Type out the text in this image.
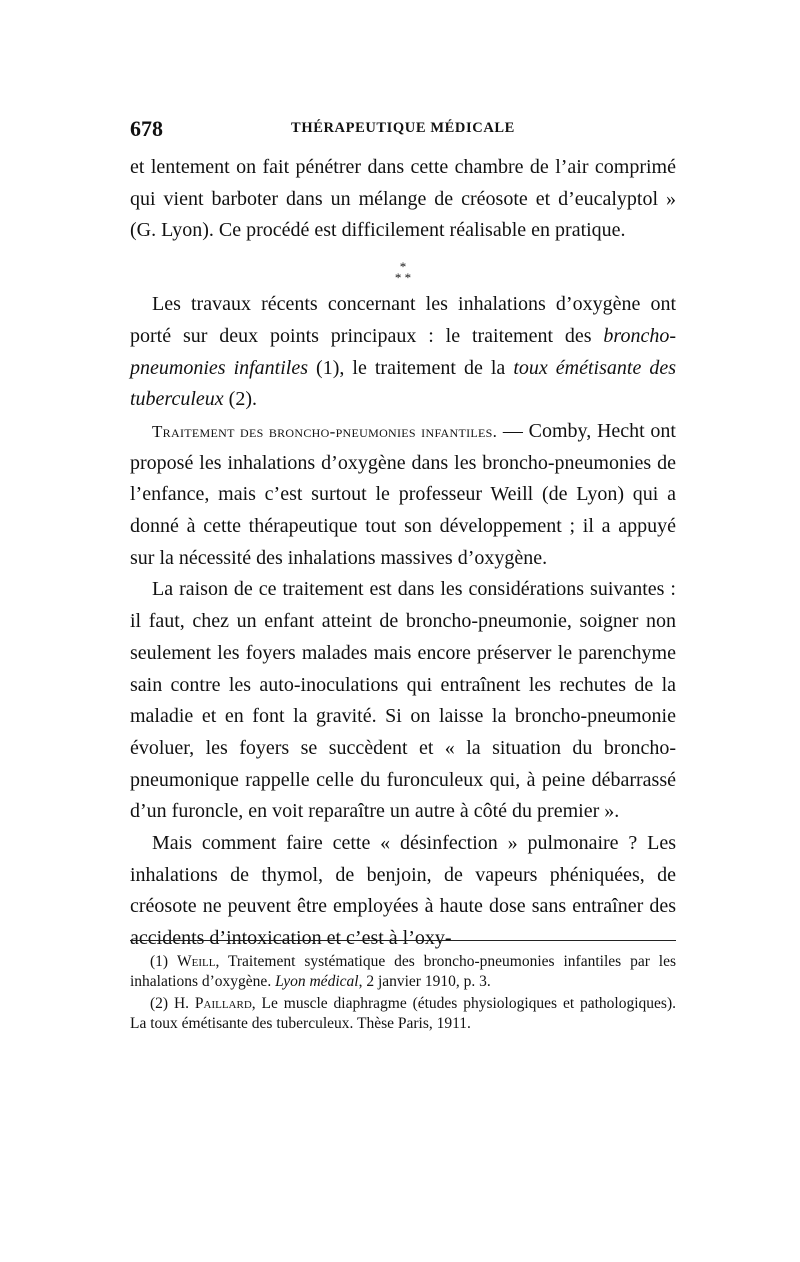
678	THÉRAPEUTIQUE MÉDICALE

et lentement on fait pénétrer dans cette chambre de l’air comprimé qui vient barboter dans un mélange de créosote et d’eucalyptol » (G. Lyon). Ce procédé est difficilement réalisable en pratique.

*
* *

Les travaux récents concernant les inhalations d’oxygène ont porté sur deux points principaux : le traitement des broncho-pneumonies infantiles (1), le traitement de la toux émétisante des tuberculeux (2).

Traitement des broncho-pneumonies infantiles. — Comby, Hecht ont proposé les inhalations d’oxygène dans les broncho-pneumonies de l’enfance, mais c’est surtout le professeur Weill (de Lyon) qui a donné à cette thérapeutique tout son développement ; il a appuyé sur la nécessité des inhalations massives d’oxygène.

La raison de ce traitement est dans les considérations suivantes : il faut, chez un enfant atteint de broncho-pneumonie, soigner non seulement les foyers malades mais encore préserver le parenchyme sain contre les auto-inoculations qui entraînent les rechutes de la maladie et en font la gravité. Si on laisse la broncho-pneumonie évoluer, les foyers se succèdent et « la situation du broncho-pneumonique rappelle celle du furonculeux qui, à peine débarrassé d’un furoncle, en voit reparaître un autre à côté du premier ».

Mais comment faire cette « désinfection » pulmonaire ? Les inhalations de thymol, de benjoin, de vapeurs phéniquées, de créosote ne peuvent être employées à haute dose sans entraîner des accidents d’intoxication et c’est à l’oxy-

(1) Weill, Traitement systématique des broncho-pneumonies infantiles par les inhalations d’oxygène. Lyon médical, 2 janvier 1910, p. 3.

(2) H. Paillard, Le muscle diaphragme (études physiologiques et pathologiques). La toux émétisante des tuberculeux. Thèse Paris, 1911.
